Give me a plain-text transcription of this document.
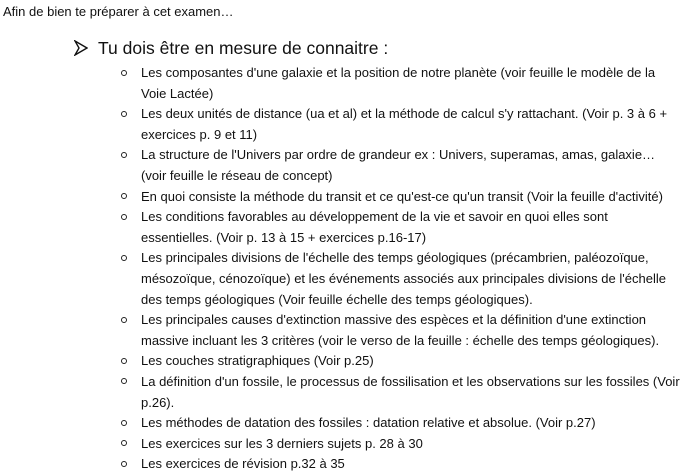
Afin de bien te préparer à cet examen…
Tu dois être en mesure de connaitre :
Les composantes d'une galaxie et la position de notre planète (voir feuille le modèle de la Voie Lactée)
Les deux unités de distance (ua et al) et la méthode de calcul s'y rattachant. (Voir p. 3 à 6 + exercices p. 9 et 11)
La structure de l'Univers par ordre de grandeur ex : Univers, superamas, amas, galaxie… (voir feuille le réseau de concept)
En quoi consiste la méthode du transit et ce qu'est-ce qu'un transit (Voir la feuille d'activité)
Les conditions favorables au développement de la vie et savoir en quoi elles sont essentielles. (Voir p. 13 à 15 + exercices p.16-17)
Les principales divisions de l'échelle des temps géologiques (précambrien, paléozoïque, mésozoïque, cénozoïque) et les événements associés aux principales divisions de l'échelle des temps géologiques (Voir feuille échelle des temps géologiques).
Les principales causes d'extinction massive des espèces et la définition d'une extinction massive incluant les 3 critères (voir le verso de la feuille : échelle des temps géologiques).
Les couches stratigraphiques (Voir p.25)
La définition d'un fossile, le processus de fossilisation et les observations sur les fossiles (Voir p.26).
Les méthodes de datation des fossiles : datation relative et absolue. (Voir p.27)
Les exercices sur les 3 derniers sujets p. 28 à 30
Les exercices de révision p.32 à 35
